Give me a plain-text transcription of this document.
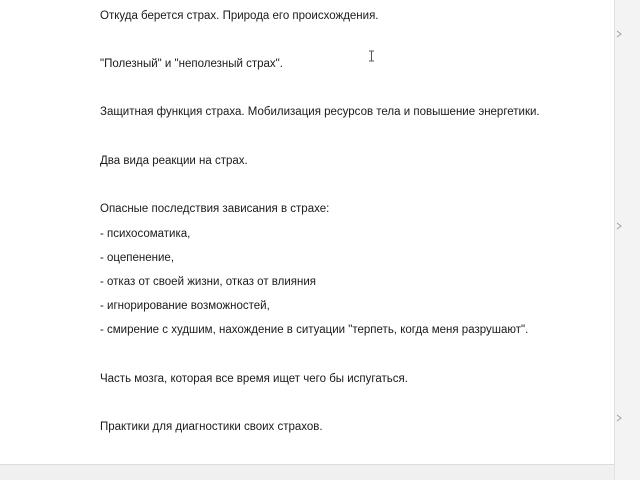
Откуда берется страх. Природа его происхождения.
"Полезный" и "неполезный страх".
Защитная функция страха. Мобилизация ресурсов тела и повышение энергетики.
Два вида реакции на страх.
Опасные последствия зависания в страхе:
- психосоматика,
- оцепенение,
- отказ от своей жизни, отказ от влияния
- игнорирование возможностей,
- смирение с худшим, нахождение в ситуации "терпеть, когда меня разрушают".
Часть мозга, которая все время ищет чего бы испугаться.
Практики для диагностики своих страхов.
